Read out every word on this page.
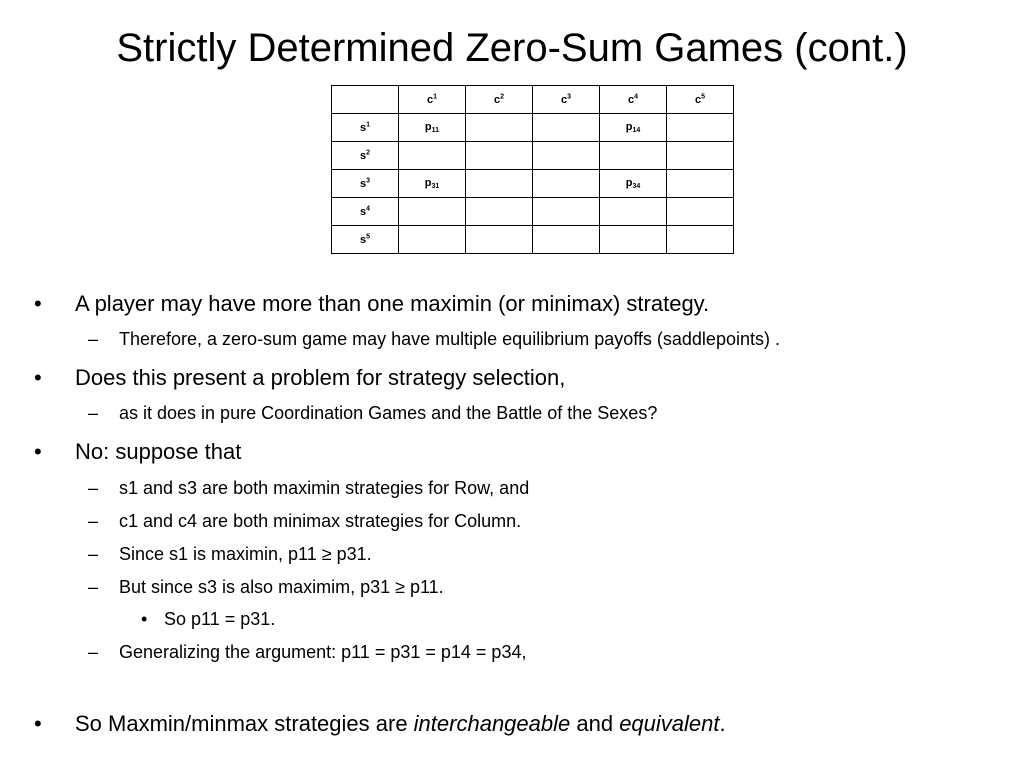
Strictly Determined Zero-Sum Games (cont.)
	$c^1$	$c^2$	$c^3$	$c^4$	$c^5$
$s^1$	$p_{11}$			$p_{14}$	
$s^2$					
$s^3$	$p_{31}$			$p_{34}$	
$s^4$					
$s^5$					
•	A player may have more than one maximin (or minimax) strategy.
–	Therefore, a zero-sum game may have multiple equilibrium payoffs (saddlepoints) .
•	Does this present a problem for strategy selection,
–	as it does in pure Coordination Games and the Battle of the Sexes?
•	No: suppose that
–	s1 and s3 are both maximin strategies for Row, and
–	c1 and c4 are both minimax strategies for Column.
–	Since s1 is maximin, p11 ≥ p31.
–	But since s3 is also maximim, p31 ≥ p11.
• So p11 = p31.
–	Generalizing the argument: p11 = p31 = p14 = p34,
•	So Maxmin/minmax strategies are interchangeable and equivalent.
